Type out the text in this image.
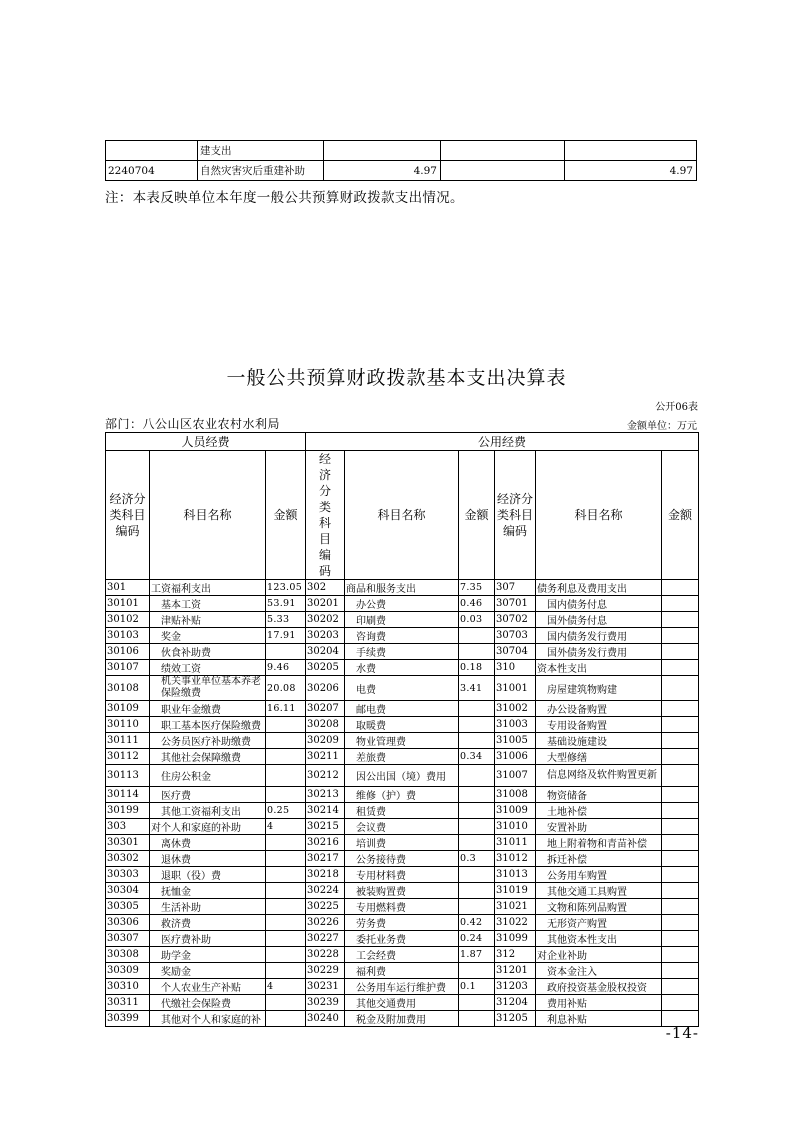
	建支出			
2240704	自然灾害灾后重建补助	4.97		4.97
注：本表反映单位本年度一般公共预算财政拨款支出情况。
一般公共预算财政拨款基本支出决算表
公开06表
部门：八公山区农业农村水利局	金额单位：万元
人员经费			公用经费					
经济分类科目编码	科目名称	金额	经济分类科目编码	科目名称	金额	经济分类科目编码	科目名称	金额
301	工资福利支出	123.05	302	商品和服务支出	7.35	307	债务利息及费用支出	
30101	基本工资	53.91	30201	办公费	0.46	30701	国内债务付息	
30102	津贴补贴	5.33	30202	印刷费	0.03	30702	国外债务付息	
30103	奖金	17.91	30203	咨询费		30703	国内债务发行费用	
30106	伙食补助费		30204	手续费		30704	国外债务发行费用	
30107	绩效工资	9.46	30205	水费	0.18	310	资本性支出	
30108	机关事业单位基本养老保险缴费	20.08	30206	电费	3.41	31001	房屋建筑物购建	
30109	职业年金缴费	16.11	30207	邮电费		31002	办公设备购置	
30110	职工基本医疗保险缴费		30208	取暖费		31003	专用设备购置	
30111	公务员医疗补助缴费		30209	物业管理费		31005	基础设施建设	
30112	其他社会保障缴费		30211	差旅费	0.34	31006	大型修缮	
30113	住房公积金		30212	因公出国（境）费用		31007	信息网络及软件购置更新	
30114	医疗费		30213	维修（护）费		31008	物资储备	
30199	其他工资福利支出	0.25	30214	租赁费		31009	土地补偿	
303	对个人和家庭的补助	4	30215	会议费		31010	安置补助	
30301	离休费		30216	培训费		31011	地上附着物和青苗补偿	
30302	退休费		30217	公务接待费	0.3	31012	拆迁补偿	
30303	退职（役）费		30218	专用材料费		31013	公务用车购置	
30304	抚恤金		30224	被装购置费		31019	其他交通工具购置	
30305	生活补助		30225	专用燃料费		31021	文物和陈列品购置	
30306	救济费		30226	劳务费	0.42	31022	无形资产购置	
30307	医疗费补助		30227	委托业务费	0.24	31099	其他资本性支出	
30308	助学金		30228	工会经费	1.87	312	对企业补助	
30309	奖励金		30229	福利费		31201	资本金注入	
30310	个人农业生产补贴	4	30231	公务用车运行维护费	0.1	31203	政府投资基金股权投资	
30311	代缴社会保险费		30239	其他交通费用		31204	费用补贴	
30399	其他对个人和家庭的补		30240	税金及附加费用		31205	利息补贴	
-14-
